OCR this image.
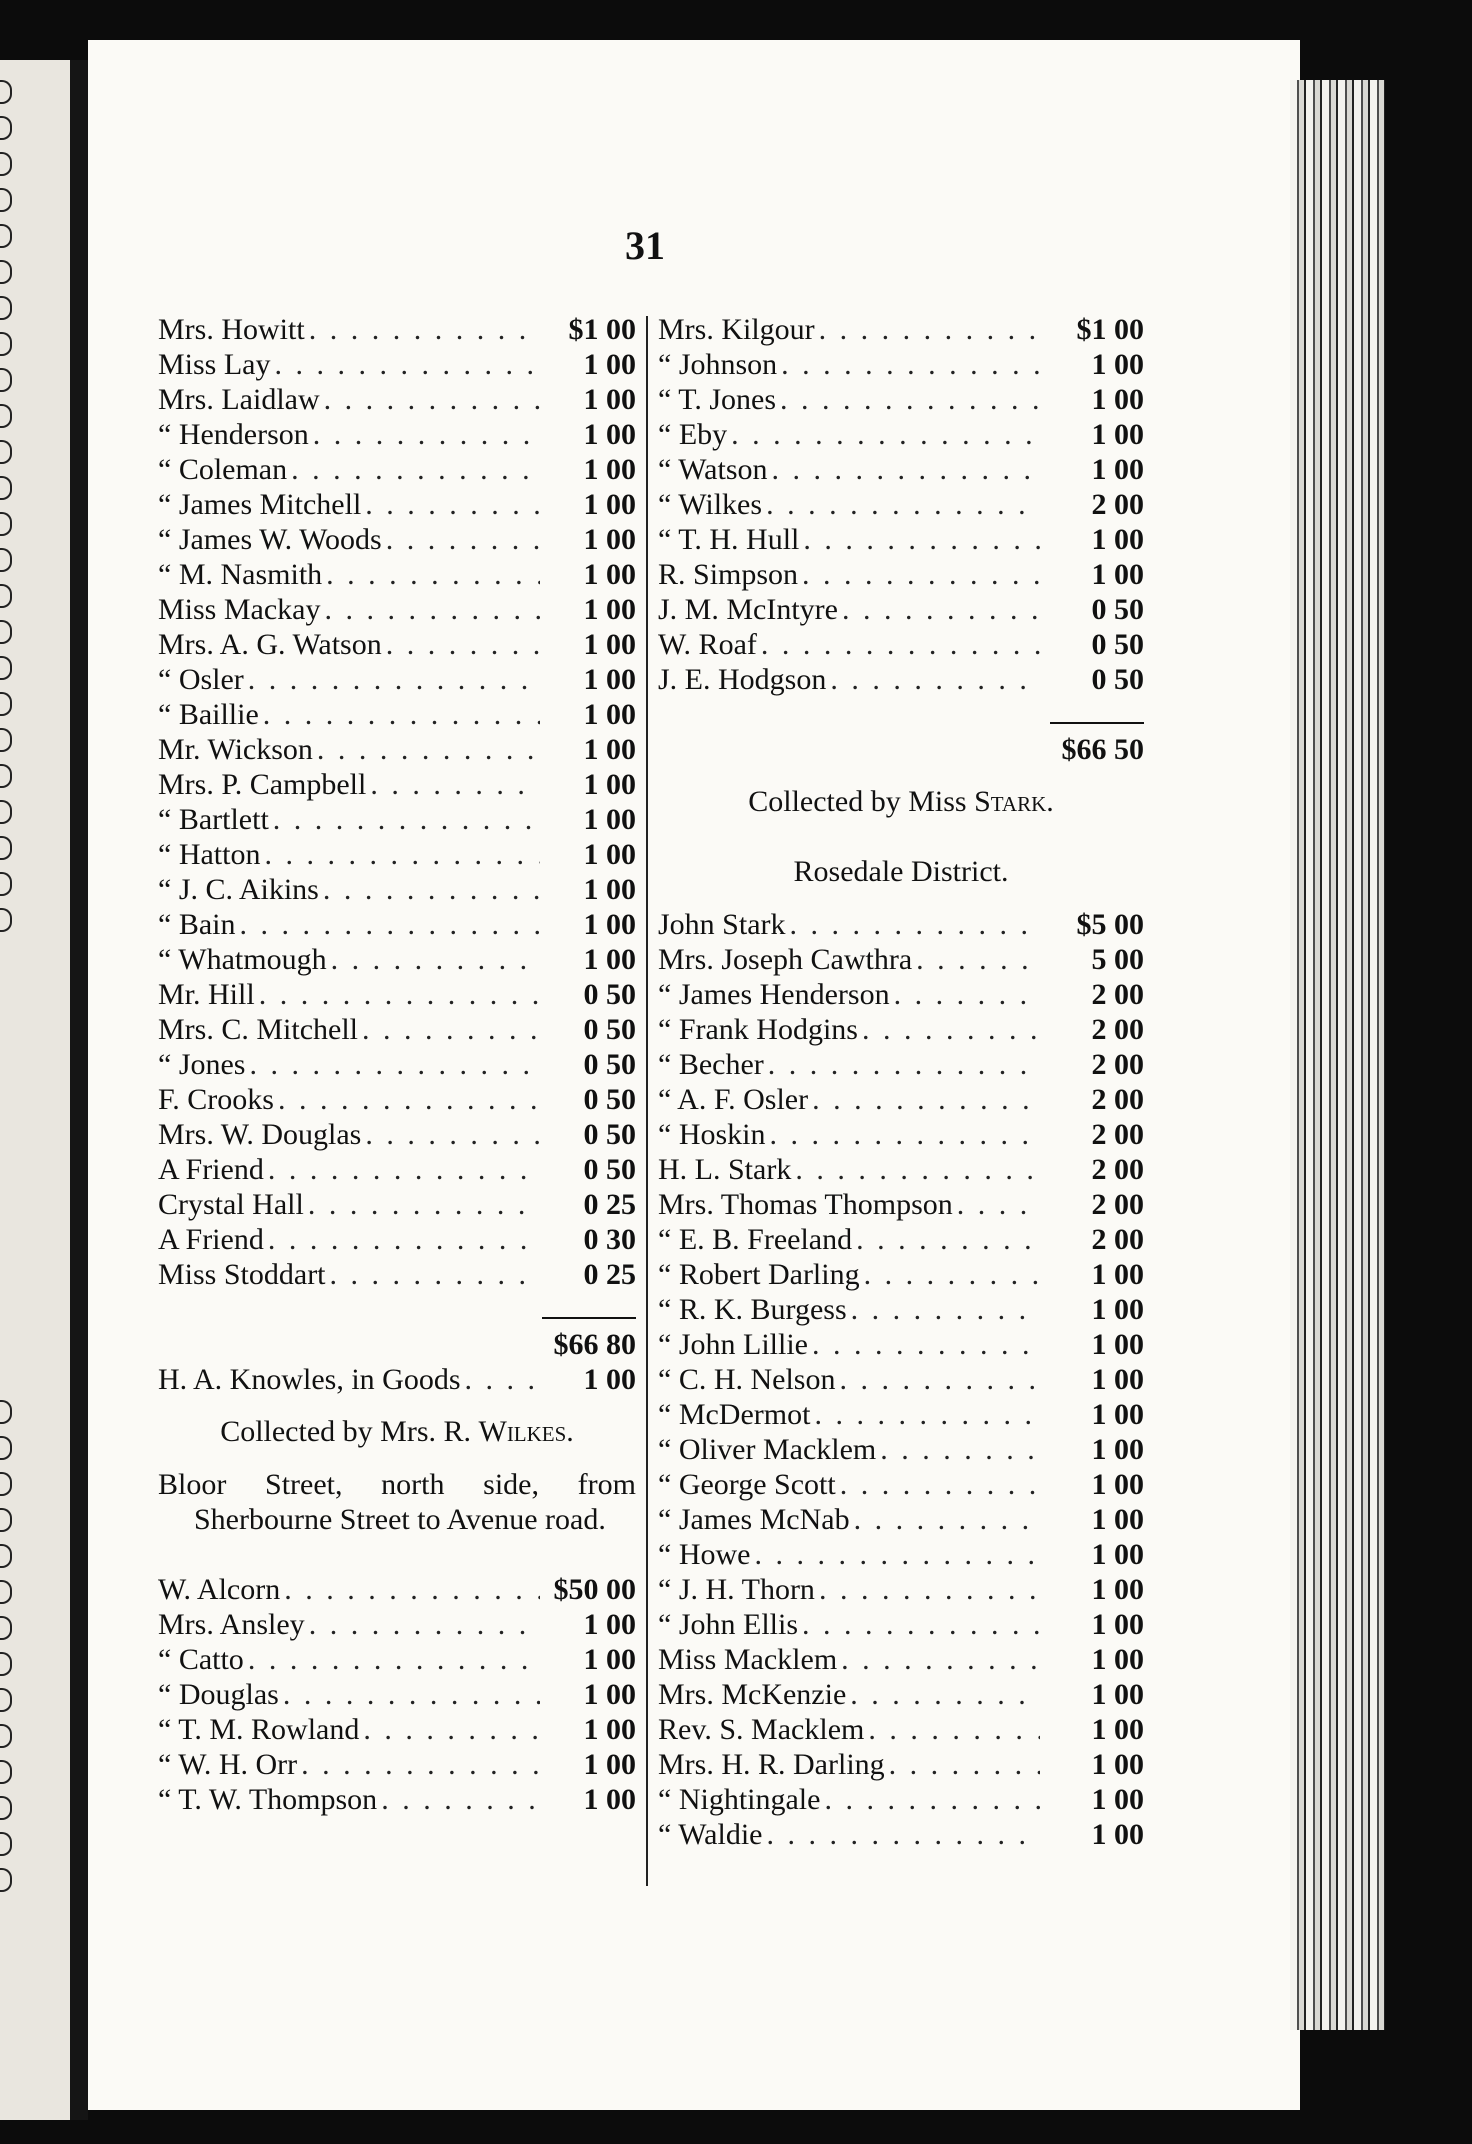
31
Mrs. Howitt . . .	$1 00
Miss Lay . . .	1 00
Mrs. Laidlaw . . .	1 00
“ Henderson . . .	1 00
“ Coleman . . .	1 00
“ James Mitchell . . .	1 00
“ James W. Woods . . .	1 00
“ M. Nasmith . . .	1 00
Miss Mackay . . .	1 00
Mrs. A. G. Watson . . .	1 00
“ Osler . . .	1 00
“ Baillie . . .	1 00
Mr. Wickson . . .	1 00
Mrs. P. Campbell . . .	1 00
“ Bartlett . . .	1 00
“ Hatton . . .	1 00
“ J. C. Aikins . . .	1 00
“ Bain . . .	1 00
“ Whatmough . . .	1 00
Mr. Hill . . .	0 50
Mrs. C. Mitchell . . .	0 50
“ Jones . . .	0 50
F. Crooks . . .	0 50
Mrs. W. Douglas . . .	0 50
A Friend . . .	0 50
Crystal Hall . . .	0 25
A Friend . . .	0 30
Miss Stoddart . . .	0 25
$66 80
H. A. Knowles, in Goods . . .	1 00
Collected by Mrs. R. Wilkes.

Bloor Street, north side, from Sherbourne Street to Avenue road.

W. Alcorn . . .	$50 00
Mrs. Ansley . . .	1 00
“ Catto . . .	1 00
“ Douglas . . .	1 00
“ T. M. Rowland . . .	1 00
“ W. H. Orr . . .	1 00
“ T. W. Thompson . . .	1 00
Mrs. Kilgour . . .	$1 00
“ Johnson . . .	1 00
“ T. Jones . . .	1 00
“ Eby . . .	1 00
“ Watson . . .	1 00
“ Wilkes . . .	2 00
“ T. H. Hull . . .	1 00
R. Simpson . . .	1 00
J. M. McIntyre . . .	0 50
W. Roaf . . .	0 50
J. E. Hodgson . . .	0 50
$66 50
Collected by Miss Stark.
Rosedale District.
John Stark . . .	$5 00
Mrs. Joseph Cawthra . . .	5 00
“ James Henderson . . .	2 00
“ Frank Hodgins . . .	2 00
“ Becher . . .	2 00
“ A. F. Osler . . .	2 00
“ Hoskin . . .	2 00
H. L. Stark . . .	2 00
Mrs. Thomas Thompson . . .	2 00
“ E. B. Freeland . . .	2 00
“ Robert Darling . . .	1 00
“ R. K. Burgess . . .	1 00
“ John Lillie . . .	1 00
“ C. H. Nelson . . .	1 00
“ McDermot . . .	1 00
“ Oliver Macklem . . .	1 00
“ George Scott . . .	1 00
“ James McNab . . .	1 00
“ Howe . . .	1 00
“ J. H. Thorn . . .	1 00
“ John Ellis . . .	1 00
Miss Macklem . . .	1 00
Mrs. McKenzie . . .	1 00
Rev. S. Macklem . . .	1 00
Mrs. H. R. Darling . . .	1 00
“ Nightingale . . .	1 00
“ Waldie . . .	1 00
